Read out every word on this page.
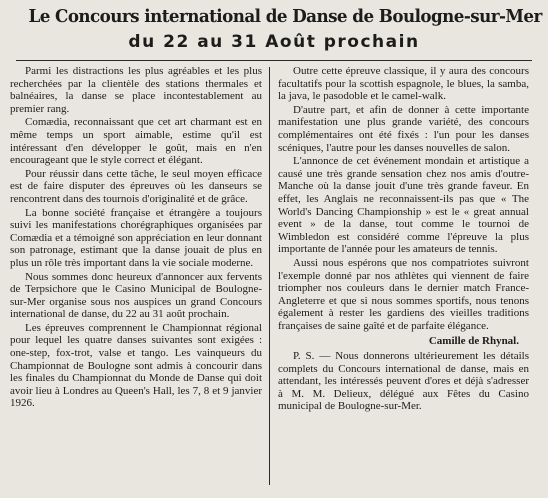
Le Concours international de Danse de Boulogne-sur-Mer
du 22 au 31 Août prochain

Parmi les distractions les plus agréables et les plus recherchées par la clientèle des stations thermales et balnéaires, la danse se place incontestablement au premier rang.

Comædia, reconnaissant que cet art charmant est en même temps un sport aimable, estime qu'il est intéressant d'en développer le goût, mais en n'en encourageant que le style correct et élégant.

Pour réussir dans cette tâche, le seul moyen efficace est de faire disputer des épreuves où les danseurs se rencontrent dans des tournois d'originalité et de grâce.

La bonne société française et étrangère a toujours suivi les manifestations chorégraphiques organisées par Comædia et a témoigné son appréciation en leur donnant son patronage, estimant que la danse jouait de plus en plus un rôle très important dans la vie sociale moderne.

Nous sommes donc heureux d'annoncer aux fervents de Terpsichore que le Casino Municipal de Boulogne-sur-Mer organise sous nos auspices un grand Concours international de danse, du 22 au 31 août prochain.

Les épreuves comprennent le Championnat régional pour lequel les quatre danses suivantes sont exigées : one-step, fox-trot, valse et tango. Les vainqueurs du Championnat de Boulogne sont admis à concourir dans les finales du Championnat du Monde de Danse qui doit avoir lieu à Londres au Queen's Hall, les 7, 8 et 9 janvier 1926.

Outre cette épreuve classique, il y aura des concours facultatifs pour la scottish espagnole, le blues, la samba, la java, le pasodoble et le camel-walk.

D'autre part, et afin de donner à cette importante manifestation une plus grande variété, des concours complémentaires ont été fixés : l'un pour les danses scéniques, l'autre pour les danses nouvelles de salon.

L'annonce de cet événement mondain et artistique a causé une très grande sensation chez nos amis d'outre-Manche où la danse jouit d'une très grande faveur. En effet, les Anglais ne reconnaissent-ils pas que « The World's Dancing Championship » est le « great annual event » de la danse, tout comme le tournoi de Wimbledon est considéré comme l'épreuve la plus importante de l'année pour les amateurs de tennis.

Aussi nous espérons que nos compatriotes suivront l'exemple donné par nos athlètes qui viennent de faire triompher nos couleurs dans le dernier match France-Angleterre et que si nous sommes sportifs, nous tenons également à rester les gardiens des vieilles traditions françaises de saine gaîté et de parfaite élégance.

Camille de Rhynal.

P. S. — Nous donnerons ultérieurement les détails complets du Concours international de danse, mais en attendant, les intéressés peuvent d'ores et déjà s'adresser à M. M. Delieux, délégué aux Fêtes du Casino municipal de Boulogne-sur-Mer.
